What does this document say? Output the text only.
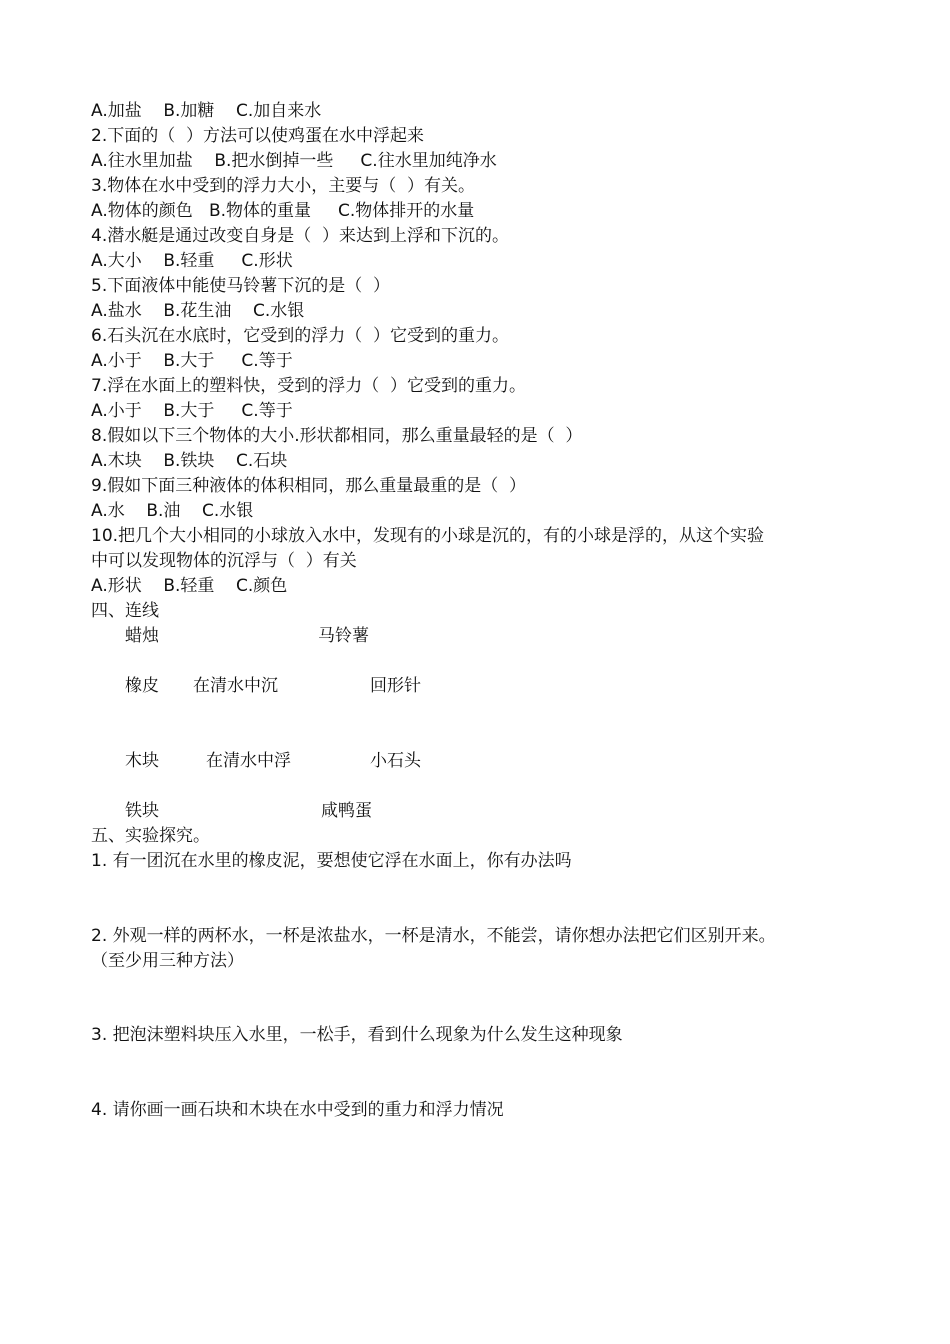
A.加盐    B.加糖    C.加自来水
2.下面的（  ）方法可以使鸡蛋在水中浮起来
A.往水里加盐    B.把水倒掉一些     C.往水里加纯净水
3.物体在水中受到的浮力大小，主要与（  ）有关。
A.物体的颜色   B.物体的重量     C.物体排开的水量
4.潜水艇是通过改变自身是（  ）来达到上浮和下沉的。
A.大小    B.轻重     C.形状
5.下面液体中能使马铃薯下沉的是（  ）
A.盐水    B.花生油    C.水银
6.石头沉在水底时，它受到的浮力（  ）它受到的重力。
A.小于    B.大于     C.等于
7.浮在水面上的塑料快，受到的浮力（  ）它受到的重力。
A.小于    B.大于     C.等于
8.假如以下三个物体的大小.形状都相同，那么重量最轻的是（  ）
A.木块    B.铁块    C.石块
9.假如下面三种液体的体积相同，那么重量最重的是（  ）
A.水    B.油    C.水银
10.把几个大小相同的小球放入水中，发现有的小球是沉的，有的小球是浮的，从这个实验
中可以发现物体的沉浮与（  ）有关
A.形状    B.轻重    C.颜色
四、连线
蜡烛	马铃薯
橡皮 在清水中沉	回形针
木块	在清水中浮	小石头
铁块	咸鸭蛋
五、实验探究。
1. 有一团沉在水里的橡皮泥，要想使它浮在水面上，你有办法吗
2. 外观一样的两杯水，一杯是浓盐水，一杯是清水，不能尝，请你想办法把它们区别开来。
（至少用三种方法）
3. 把泡沫塑料块压入水里，一松手，看到什么现象为什么发生这种现象
4. 请你画一画石块和木块在水中受到的重力和浮力情况
